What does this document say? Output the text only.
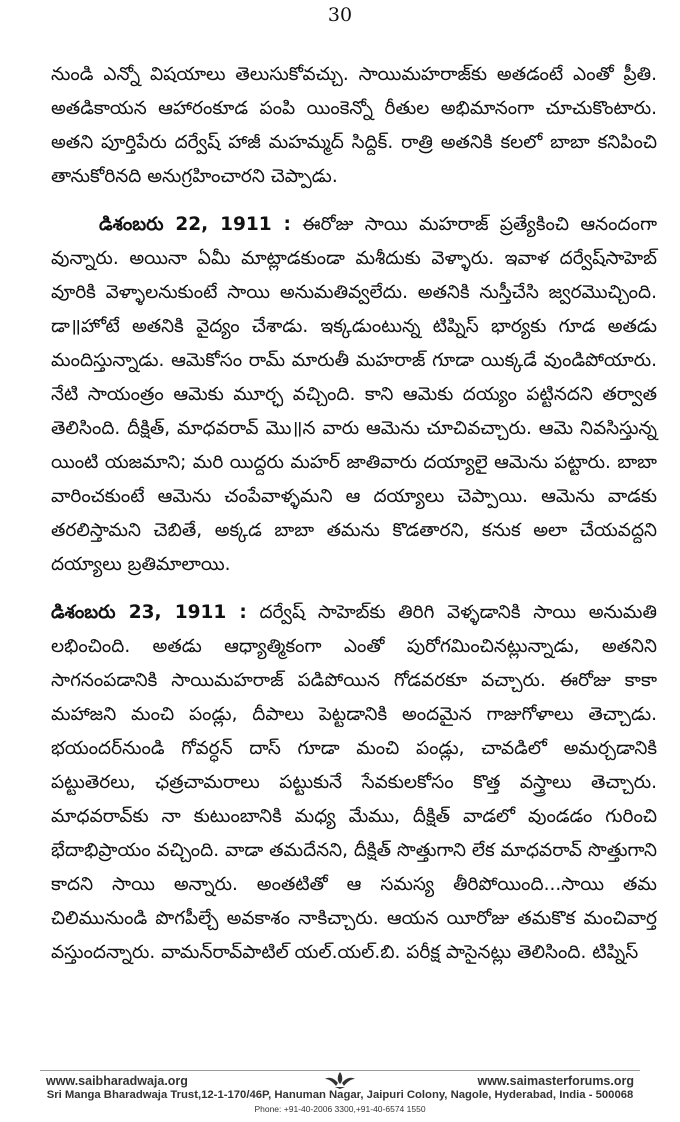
30

నుండి ఎన్నో విషయాలు తెలుసుకోవచ్చు. సాయిమహరాజ్‌కు అతడంటే ఎంతో ప్రీతి. అతడికాయన ఆహారంకూడ పంపి యింకెన్నో రీతుల అభిమానంగా చూచుకొంటారు. అతని పూర్తిపేరు దర్వేష్ హాజీ మహమ్మద్ సిద్దిక్. రాత్రి అతనికి కలలో బాబా కనిపించి తానుకోరినది అనుగ్రహించారని చెప్పాడు.

డిశంబరు 22, 1911 : ఈరోజు సాయి మహరాజ్ ప్రత్యేకించి ఆనందంగా వున్నారు. అయినా ఏమీ మాట్లాడకుండా మశీదుకు వెళ్ళారు. ఇవాళ దర్వేష్‌సాహెబ్ వూరికి వెళ్ళాలనుకుంటే సాయి అనుమతివ్వలేదు. అతనికి నుస్తీచేసి జ్వరమొచ్చింది. డా॥హోటే అతనికి వైద్యం చేశాడు. ఇక్కడుంటున్న టిప్నిస్ భార్యకు గూడ అతడు మందిస్తున్నాడు. ఆమెకోసం రామ్ మారుతీ మహరాజ్ గూడా యిక్కడే వుండిపోయారు. నేటి సాయంత్రం ఆమెకు మూర్ఛ వచ్చింది. కాని ఆమెకు దయ్యం పట్టినదని తర్వాత తెలిసింది. దీక్షిత్, మాధవరావ్ మొ॥న వారు ఆమెను చూచివచ్చారు. ఆమె నివసిస్తున్న యింటి యజమాని; మరి యిద్దరు మహర్ జాతివారు దయ్యాలై ఆమెను పట్టారు. బాబా వారించకుంటే ఆమెను చంపేవాళ్ళమని ఆ దయ్యాలు చెప్పాయి. ఆమెను వాడకు తరలిస్తామని చెబితే, అక్కడ బాబా తమను కొడతారని, కనుక అలా చేయవద్దని దయ్యాలు బ్రతిమాలాయి.

డిశంబరు 23, 1911 : దర్వేష్ సాహెబ్‌కు తిరిగి వెళ్ళడానికి సాయి అనుమతి లభించింది. అతడు ఆధ్యాత్మికంగా ఎంతో పురోగమించినట్లున్నాడు, అతనిని సాగనంపడానికి సాయిమహరాజ్ పడిపోయిన గోడవరకూ వచ్చారు. ఈరోజు కాకా మహాజని మంచి పండ్లు, దీపాలు పెట్టడానికి అందమైన గాజుగోళాలు తెచ్చాడు. భయందర్‌నుండి గోవర్ధన్ దాస్ గూడా మంచి పండ్లు, చావడిలో అమర్చడానికి పట్టుతెరలు, ఛత్రచామరాలు పట్టుకునే సేవకులకోసం కొత్త వస్త్రాలు తెచ్చారు. మాధవరావ్‌కు నా కుటుంబానికి మధ్య మేము, దీక్షిత్ వాడలో వుండడం గురించి భేదాభిప్రాయం వచ్చింది. వాడా తమదేనని, దీక్షిత్ సొత్తుగాని లేక మాధవరావ్ సొత్తుగాని కాదని సాయి అన్నారు. అంతటితో ఆ సమస్య తీరిపోయింది...సాయి తమ చిలిమునుండి పొగపీల్చే అవకాశం నాకిచ్చారు. ఆయన యీరోజు తమకొక మంచివార్త వస్తుందన్నారు. వామన్‌రావ్‌పాటిల్ యల్.యల్.బి. పరీక్ష పాసైనట్లు తెలిసింది. టిప్నిస్

www.saibharadwaja.org	www.saimasterforums.org
Sri Manga Bharadwaja Trust,12-1-170/46P, Hanuman Nagar, Jaipuri Colony, Nagole, Hyderabad, India - 500068
Phone: +91-40-2006 3300,+91-40-6574 1550
